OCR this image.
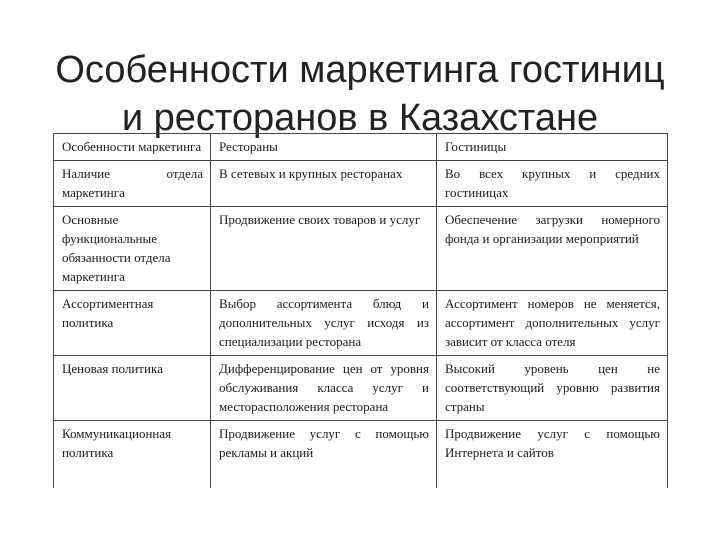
Особенности маркетинга гостиниц
и ресторанов в Казахстане
Особенности маркетинга	Рестораны	Гостиницы
Наличие отдела маркетинга	В сетевых и крупных ресторанах	Во всех крупных и средних гостиницах
Основные функциональные обязанности отдела маркетинга	Продвижение своих товаров и услуг	Обеспечение загрузки номерного фонда и организации мероприятий
Ассортиментная политика	Выбор ассортимента блюд и дополнительных услуг исходя из специализации ресторана	Ассортимент номеров не меняется, ассортимент дополнительных услуг зависит от класса отеля
Ценовая политика	Дифференцирование цен от уровня обслуживания класса услуг и месторасположения ресторана	Высокий уровень цен не соответствующий уровню развития страны
Коммуникационная политика	Продвижение услуг с помощью рекламы и акций	Продвижение услуг с помощью Интернета и сайтов
